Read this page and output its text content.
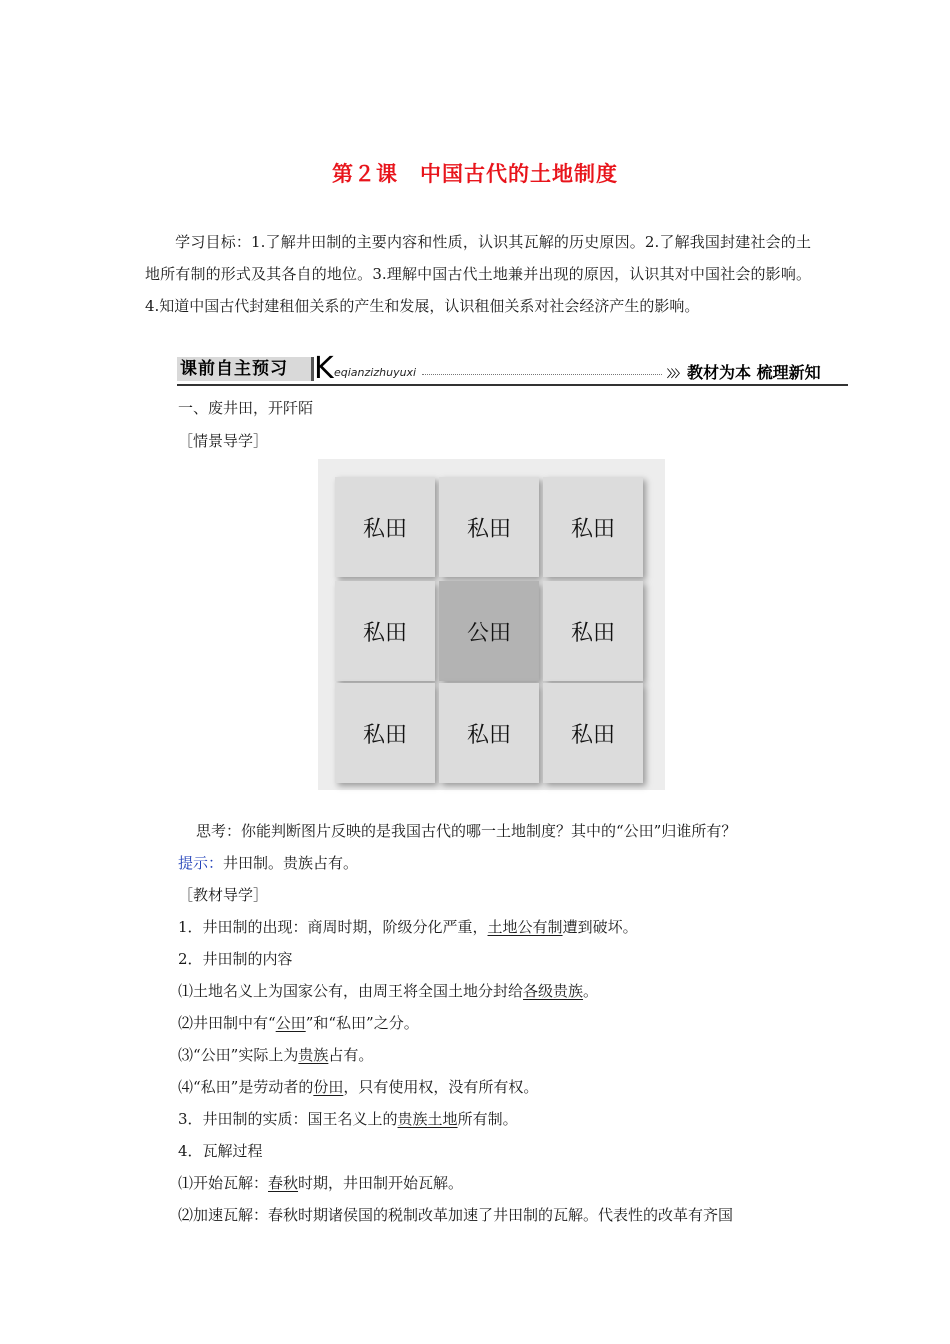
第２课 中国古代的土地制度
学习目标：1.了解井田制的主要内容和性质，认识其瓦解的历史原因。2.了解我国封建社会的土地所有制的形式及其各自的地位。3.理解中国古代土地兼并出现的原因，认识其对中国社会的影响。4.知道中国古代封建租佃关系的产生和发展，认识租佃关系对社会经济产生的影响。
课前自主预习 K eqianzizhuyuxi	〉〉〉 教材为本 梳理新知
一、废井田，开阡陌
［情景导学］
私田	私田	私田
私田	公田	私田
私田	私田	私田
思考：你能判断图片反映的是我国古代的哪一土地制度？其中的“公田”归谁所有？
提示：井田制。贵族占有。
［教材导学］
1．井田制的出现：商周时期，阶级分化严重，土地公有制遭到破坏。
2．井田制的内容
⑴土地名义上为国家公有，由周王将全国土地分封给各级贵族。
⑵井田制中有“公田”和“私田”之分。
⑶“公田”实际上为贵族占有。
⑷“私田”是劳动者的份田，只有使用权，没有所有权。
3．井田制的实质：国王名义上的贵族土地所有制。
4．瓦解过程
⑴开始瓦解：春秋时期，井田制开始瓦解。
⑵加速瓦解：春秋时期诸侯国的税制改革加速了井田制的瓦解。代表性的改革有齐国
